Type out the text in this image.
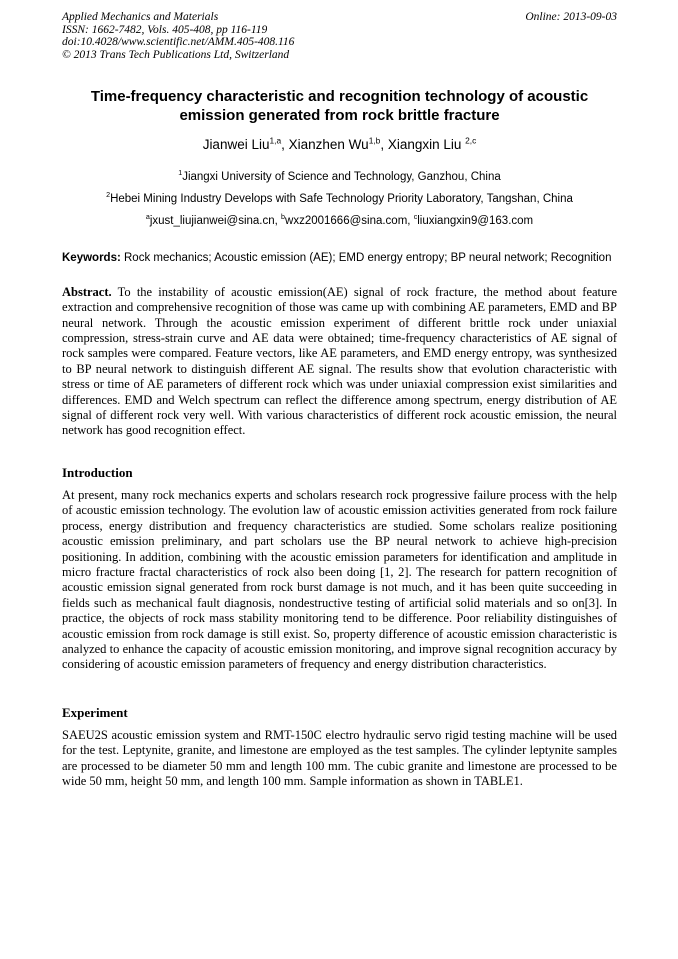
Applied Mechanics and Materials
ISSN: 1662-7482, Vols. 405-408, pp 116-119
doi:10.4028/www.scientific.net/AMM.405-408.116
© 2013 Trans Tech Publications Ltd, Switzerland
Online: 2013-09-03
Time-frequency characteristic and recognition technology of acoustic emission generated from rock brittle fracture
Jianwei Liu$^{1,a}$, Xianzhen Wu$^{1,b}$, Xiangxin Liu $^{2,c}$
$^1$Jiangxi University of Science and Technology, Ganzhou, China
$^2$Hebei Mining Industry Develops with Safe Technology Priority Laboratory, Tangshan, China
$^a$jxust_liujianwei@sina.cn, $^b$wxz2001666@sina.com, $^c$liuxiangxin9@163.com

Keywords: Rock mechanics; Acoustic emission (AE); EMD energy entropy; BP neural network; Recognition

Abstract. To the instability of acoustic emission(AE) signal of rock fracture, the method about feature extraction and comprehensive recognition of those was came up with combining AE parameters, EMD and BP neural network. Through the acoustic emission experiment of different brittle rock under uniaxial compression, stress-strain curve and AE data were obtained; time-frequency characteristics of AE signal of rock samples were compared. Feature vectors, like AE parameters, and EMD energy entropy, was synthesized to BP neural network to distinguish different AE signal. The results show that evolution characteristic with stress or time of AE parameters of different rock which was under uniaxial compression exist similarities and differences. EMD and Welch spectrum can reflect the difference among spectrum, energy distribution of AE signal of different rock very well. With various characteristics of different rock acoustic emission, the neural network has good recognition effect.

Introduction

At present, many rock mechanics experts and scholars research rock progressive failure process with the help of acoustic emission technology. The evolution law of acoustic emission activities generated from rock failure process, energy distribution and frequency characteristics are studied. Some scholars realize positioning acoustic emission preliminary, and part scholars use the BP neural network to achieve high-precision positioning. In addition, combining with the acoustic emission parameters for identification and amplitude in micro fracture fractal characteristics of rock also been doing [1, 2]. The research for pattern recognition of acoustic emission signal generated from rock burst damage is not much, and it has been quite succeeding in fields such as mechanical fault diagnosis, nondestructive testing of artificial solid materials and so on[3]. In practice, the objects of rock mass stability monitoring tend to be difference. Poor reliability distinguishes of acoustic emission from rock damage is still exist. So, property difference of acoustic emission characteristic is analyzed to enhance the capacity of acoustic emission monitoring, and improve signal recognition accuracy by considering of acoustic emission parameters of frequency and energy distribution characteristics.

Experiment

SAEU2S acoustic emission system and RMT-150C electro hydraulic servo rigid testing machine will be used for the test. Leptynite, granite, and limestone are employed as the test samples. The cylinder leptynite samples are processed to be diameter 50 mm and length 100 mm. The cubic granite and limestone are processed to be wide 50 mm, height 50 mm, and length 100 mm. Sample information as shown in TABLE1.
